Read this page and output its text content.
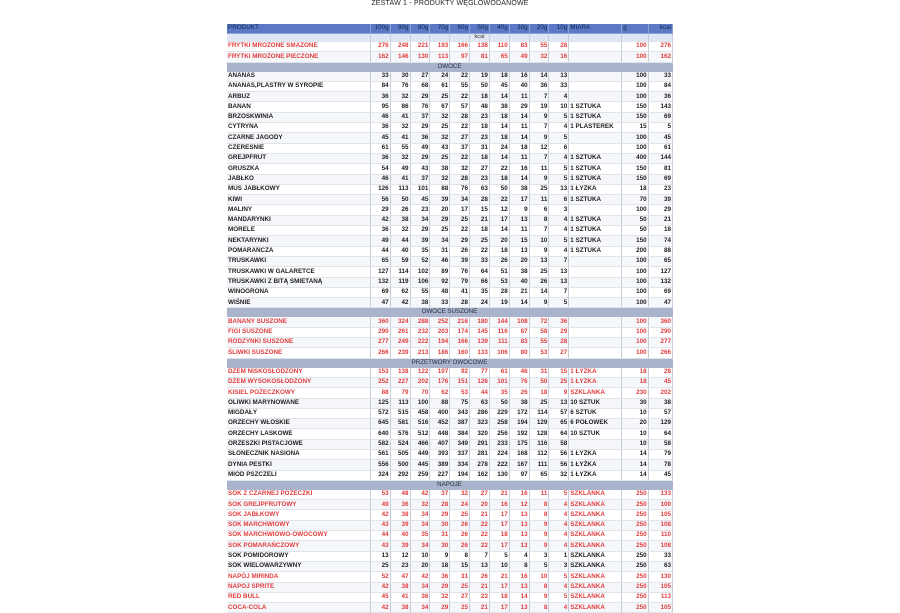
ZESTAW 1 - PRODUKTY WĘGLOWODANOWE
PRODUKT	100g	90g	80g	70g	60g	50g	40g	30g	20g	10g	MIARA	g	kcal
						kcal							
FRYTKI MROŻONE SMAŻONE	276	248	221	193	166	138	110	83	55	28		100	276
FRYTKI MROŻONE PIECZONE	162	146	130	113	97	81	65	49	32	16		100	162
OWOCE													
ANANAS	33	30	27	24	22	19	18	16	14	13		100	33
ANANAS,PLASTRY W SYROPIE	84	76	68	61	55	50	45	40	36	33		100	84
ARBUZ	36	32	29	25	22	18	14	11	7	4		100	36
BANAN	95	86	76	67	57	48	38	29	19	10	1 SZTUKA	150	143
BRZOSKWINIA	46	41	37	32	28	23	18	14	9	5	1 SZTUKA	150	69
CYTRYNA	36	32	29	25	22	18	14	11	7	4	1 PLASTEREK	15	5
CZARNE JAGODY	45	41	36	32	27	23	18	14	9	5		100	45
CZEREŚNIE	61	55	49	43	37	31	24	18	12	6		100	61
GREJPFRUT	36	32	29	25	22	18	14	11	7	4	1 SZTUKA	400	144
GRUSZKA	54	49	43	38	32	27	22	16	11	5	1 SZTUKA	150	81
JABŁKO	46	41	37	32	28	23	18	14	9	5	1 SZTUKA	150	69
MUS JABŁKOWY	126	113	101	88	76	63	50	38	25	13	1 ŁYŻKA	18	23
KIWI	56	50	45	39	34	28	22	17	11	6	1 SZTUKA	70	39
MALINY	29	26	23	20	17	15	12	9	6	3		100	29
MANDARYNKI	42	38	34	29	25	21	17	13	8	4	1 SZTUKA	50	21
MORELE	36	32	29	25	22	18	14	11	7	4	1 SZTUKA	50	18
NEKTARYNKI	49	44	39	34	29	25	20	15	10	5	1 SZTUKA	150	74
POMARAŃCZA	44	40	35	31	26	22	18	13	9	4	1 SZTUKA	200	88
TRUSKAWKI	65	59	52	46	39	33	26	20	13	7		100	65
TRUSKAWKI W GALARETCE	127	114	102	89	76	64	51	38	25	13		100	127
TRUSKAWKI Z BITĄ ŚMIETANĄ	132	119	106	92	79	66	53	40	26	13		100	132
WINOGRONA	69	62	55	48	41	35	28	21	14	7		100	69
WIŚNIE	47	42	38	33	28	24	19	14	9	5		100	47
OWOCE SUSZONE													
BANANY SUSZONE	360	324	288	252	216	180	144	108	72	36		100	360
FIGI SUSZONE	290	261	232	203	174	145	116	87	58	29		100	290
RODZYNKI SUSZONE	277	249	222	194	166	139	111	83	55	28		100	277
ŚLIWKI SUSZONE	266	239	213	186	160	133	106	80	53	27		100	266
PRZETWORY OWOCOWE													
DŻEM NISKOSŁODZONY	153	138	122	107	92	77	61	46	31	15	1 ŁYŻKA	18	28
DŻEM WYSOKOSŁODZONY	252	227	202	176	151	126	101	76	50	25	1 ŁYŻKA	18	45
KISIEL POŻECZKOWY	88	79	70	62	53	44	35	26	18	9	SZKLANKA	230	202
OLIWKI MARYNOWANE	125	113	100	88	75	63	50	38	25	13	10 SZTUK	30	38
MIGDAŁY	572	515	458	400	343	286	229	172	114	57	6 SZTUK	10	57
ORZECHY WŁOSKIE	645	581	516	452	387	323	258	194	129	65	6 POŁÓWEK	20	129
ORZECHY LASKOWE	640	576	512	448	384	320	256	192	128	64	10 SZTUK	10	64
ORZESZKI PISTACJOWE	582	524	466	407	349	291	233	175	116	58		10	58
SŁONECZNIK NASIONA	561	505	449	393	337	281	224	168	112	56	1 ŁYŻKA	14	79
DYNIA PESTKI	556	500	445	389	334	278	222	167	111	56	1 ŁYŻKA	14	78
MIÓD PSZCZELI	324	292	259	227	194	162	130	97	65	32	1 ŁYŻKA	14	45
NAPOJE													
SOK Z CZARNEJ POŻECZKI	53	48	42	37	32	27	21	16	11	5	SZKLANKA	250	133
SOK GREJPFRUTOWY	49	36	32	28	24	20	16	12	8	4	SZKLANKA	250	100
SOK JABŁKOWY	42	38	34	29	25	21	17	13	8	4	SZKLANKA	250	105
SOK MARCHWIOWY	43	39	34	30	26	22	17	13	9	4	SZKLANKA	250	108
SOK MARCHWIOWO-OWOCOWY	44	40	35	31	26	22	18	13	9	4	SZKLANKA	250	110
SOK POMARAŃCZOWY	43	39	34	30	26	22	17	13	9	4	SZKLANKA	250	108
SOK POMIDOROWY	13	12	10	9	8	7	5	4	3	1	SZKLANKA	250	33
SOK WIELOWARZYWNY	25	23	20	18	15	13	10	8	5	3	SZKLANKA	250	63
NAPÓJ MIRINDA	52	47	42	36	31	26	21	16	10	5	SZKLANKA	250	130
NAPÓJ SPRITE	42	38	34	29	25	21	17	13	8	4	SZKLANKA	250	105
RED BULL	45	41	36	32	27	23	18	14	9	5	SZKLANKA	250	113
COCA-COLA	42	38	34	29	25	21	17	13	8	4	SZKLANKA	250	105
